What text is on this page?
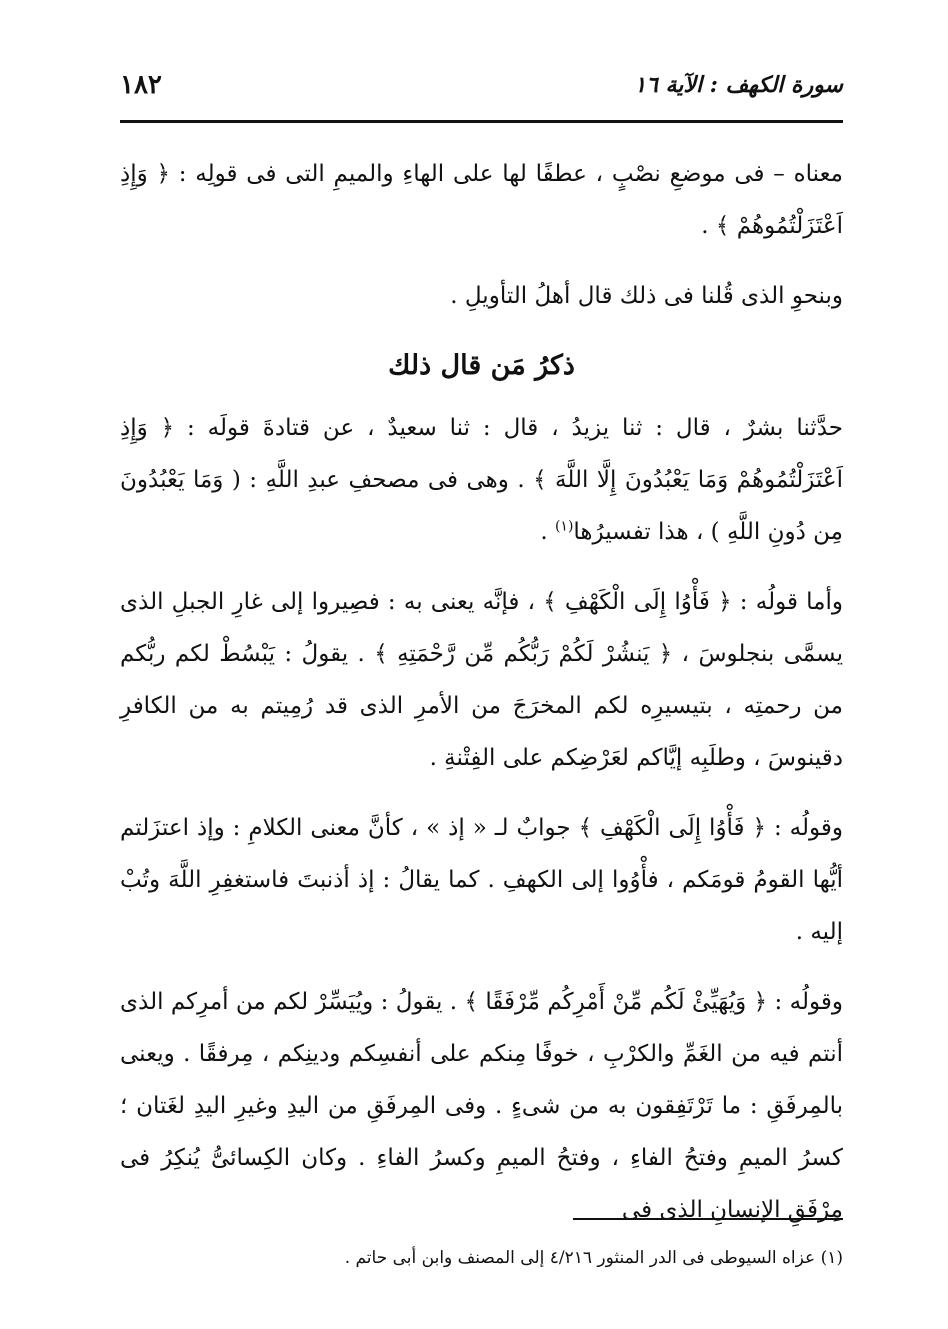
سورة الكهف : الآية ١٦
١٨٢

معناه – فى موضعِ نصْبٍ ، عطفًا لها على الهاءِ والميمِ التى فى قولِه : ﴿ وَإِذِ اَعْتَزَلْتُمُوهُمْ ﴾ .

وبنحوِ الذى قُلنا فى ذلك قال أهلُ التأويلِ .

ذكرُ مَن قال ذلك

حدَّثنا بشرٌ ، قال : ثنا يزيدُ ، قال : ثنا سعيدٌ ، عن قتادةَ قولَه : ﴿ وَإِذِ اَعْتَزَلْتُمُوهُمْ وَمَا يَعْبُدُونَ إِلَّا اللَّهَ ﴾ . وهى فى مصحفِ عبدِ اللَّهِ : ( وَمَا يَعْبُدُونَ مِن دُونِ اللَّهِ ) ، هذا تفسيرُها$^{(١)}$ .

وأما قولُه : ﴿ فَأْوُا إِلَى الْكَهْفِ ﴾ ، فإنَّه يعنى به : فصِيروا إلى غارِ الجبلِ الذى يسمَّى بنجلوسَ ، ﴿ يَنشُرْ لَكُمْ رَبُّكُم مِّن رَّحْمَتِهِ ﴾ . يقولُ : يَبْسُطْ لكم ربُّكم من رحمتِه ، بتيسيرِه لكم المخرَجَ من الأمرِ الذى قد رُمِيتم به من الكافرِ دقينوسَ ، وطلَبِه إيَّاكم لعَرْضِكم على الفِتْنةِ .

وقولُه : ﴿ فَأْوُا إِلَى الْكَهْفِ ﴾ جوابٌ لـ « إذ » ، كأنَّ معنى الكلامِ : وإذ اعتزَلتم أيُّها القومُ قومَكم ، فأْوُوا إلى الكهفِ . كما يقالُ : إذ أذنبتَ فاستغفِرِ اللَّهَ وتُبْ إليه .

وقولُه : ﴿ وَيُهَيِّئْ لَكُم مِّنْ أَمْرِكُم مِّرْفَقًا ﴾ . يقولُ : ويُيَسِّرْ لكم من أمرِكم الذى أنتم فيه من الغَمِّ والكرْبِ ، خوفًا مِنكم على أنفسِكم ودينِكم ، مِرفقًا . ويعنى بالمِرفَقِ : ما تَرْتَفِقون به من شىءٍ . وفى المِرفَقِ من اليدِ وغيرِ اليدِ لغَتان ؛ كسرُ الميمِ وفتحُ الفاءِ ، وفتحُ الميمِ وكسرُ الفاءِ . وكان الكِسائىُّ يُنكِرُ فى مِرْفَقِ الإنسانِ الذى فى

(١) عزاه السيوطى فى الدر المنثور ٤/٢١٦ إلى المصنف وابن أبى حاتم .
